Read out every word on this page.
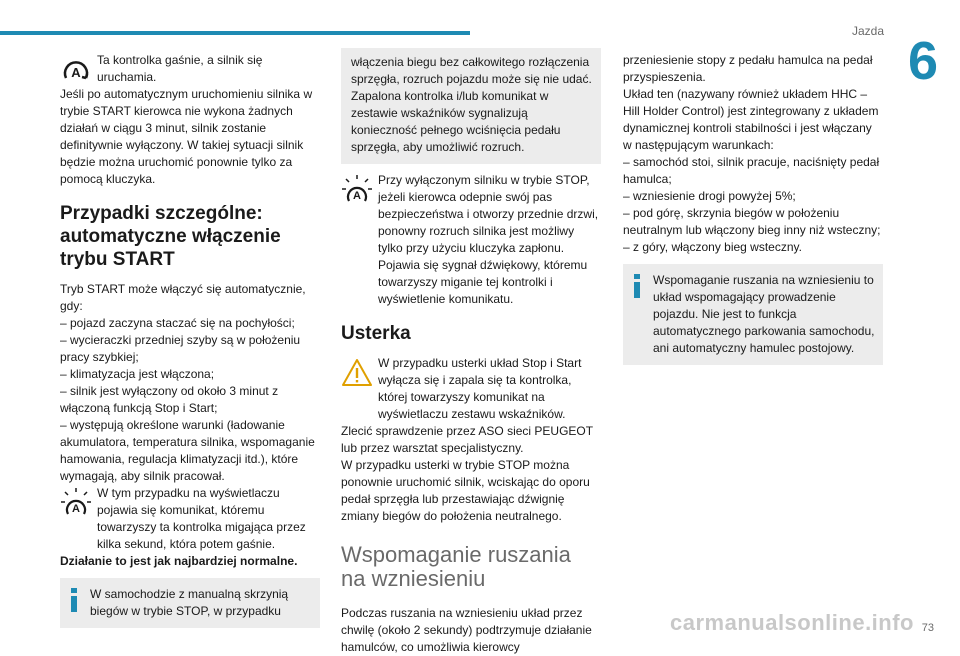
Jazda 6
A

Ta kontrolka gaśnie, a silnik się uruchamia.

Jeśli po automatycznym uruchomieniu silnika w trybie START kierowca nie wykona żadnych działań w ciągu 3 minut, silnik zostanie definitywnie wyłączony. W takiej sytuacji silnik będzie można uruchomić ponownie tylko za pomocą kluczyka.

Przypadki szczególne: automatyczne włączenie trybu START

Tryb START może włączyć się automatycznie, gdy:

– pojazd zaczyna staczać się na pochyłości;

– wycieraczki przedniej szyby są w położeniu pracy szybkiej;

– klimatyzacja jest włączona;

– silnik jest wyłączony od około 3 minut z włączoną funkcją Stop i Start;

– występują określone warunki (ładowanie akumulatora, temperatura silnika, wspomaganie hamowania, regulacja klimatyzacji itd.), które wymagają, aby silnik pracował.

A

W tym przypadku na wyświetlaczu pojawia się komunikat, któremu towarzyszy ta kontrolka migająca przez kilka sekund, która potem gaśnie.

Działanie to jest jak najbardziej normalne.

W samochodzie z manualną skrzynią biegów w trybie STOP, w przypadku

włączenia biegu bez całkowitego rozłączenia sprzęgła, rozruch pojazdu może się nie udać. Zapalona kontrolka i/lub komunikat w zestawie wskaźników sygnalizują konieczność pełnego wciśnięcia pedału sprzęgła, aby umożliwić rozruch.

A

Przy wyłączonym silniku w trybie STOP, jeżeli kierowca odepnie swój pas bezpieczeństwa i otworzy przednie drzwi, ponowny rozruch silnika jest możliwy tylko przy użyciu kluczyka zapłonu. Pojawia się sygnał dźwiękowy, któremu towarzyszy miganie tej kontrolki i wyświetlenie komunikatu.

Usterka

W przypadku usterki układ Stop i Start wyłącza się i zapala się ta kontrolka, której towarzyszy komunikat na wyświetlaczu zestawu wskaźników.

Zlecić sprawdzenie przez ASO sieci PEUGEOT lub przez warsztat specjalistyczny.

W przypadku usterki w trybie STOP można ponownie uruchomić silnik, wciskając do oporu pedał sprzęgła lub przestawiając dźwignię zmiany biegów do położenia neutralnego.

Wspomaganie ruszania na wzniesieniu

Podczas ruszania na wzniesieniu układ przez chwilę (około 2 sekundy) podtrzymuje działanie hamulców, co umożliwia kierowcy

przeniesienie stopy z pedału hamulca na pedał przyspieszenia.

Układ ten (nazywany również układem HHC – Hill Holder Control) jest zintegrowany z układem dynamicznej kontroli stabilności i jest włączany w następującym warunkach:

– samochód stoi, silnik pracuje, naciśnięty pedał hamulca;

– wzniesienie drogi powyżej 5%;

– pod górę, skrzynia biegów w położeniu neutralnym lub włączony bieg inny niż wsteczny;

– z góry, włączony bieg wsteczny.

Wspomaganie ruszania na wzniesieniu to układ wspomagający prowadzenie pojazdu. Nie jest to funkcja automatycznego parkowania samochodu, ani automatyczny hamulec postojowy.

carmanualsonline.info 73
